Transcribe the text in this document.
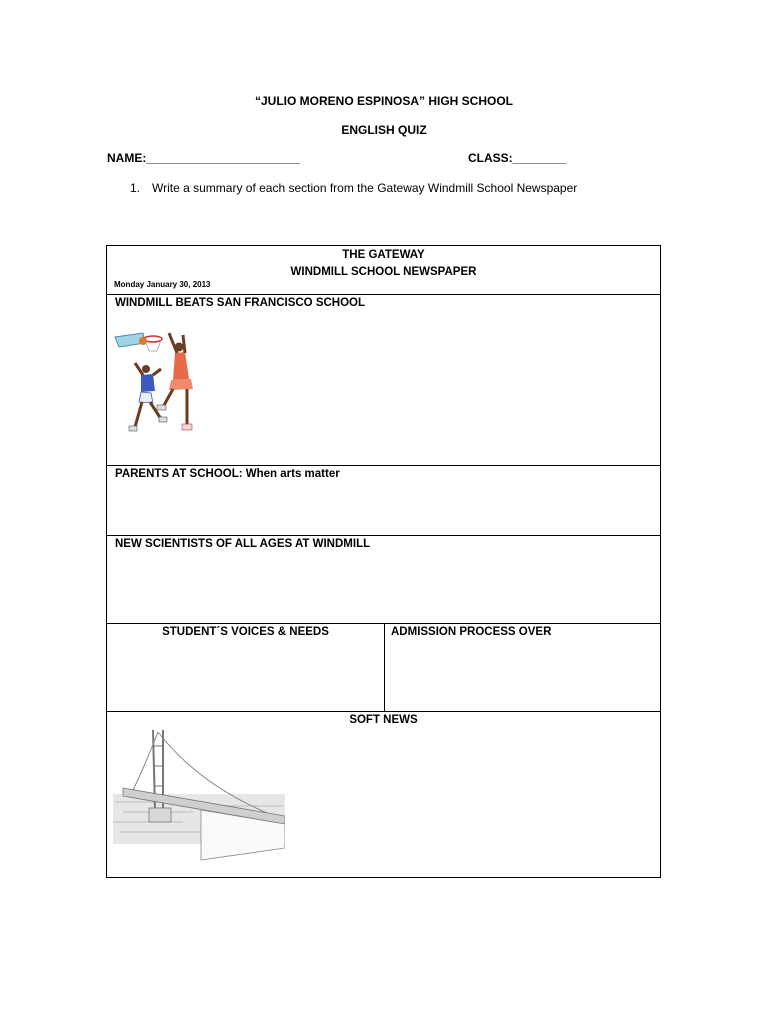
“JULIO MORENO ESPINOSA” HIGH SCHOOL
ENGLISH QUIZ
NAME:_______________________	CLASS:________
1. Write a summary of each section from the Gateway Windmill School Newspaper
THE GATEWAY
WINDMILL SCHOOL NEWSPAPER
Monday January 30, 2013
WINDMILL BEATS SAN FRANCISCO SCHOOL
PARENTS AT SCHOOL: When arts matter
NEW SCIENTISTS OF ALL AGES AT WINDMILL
STUDENT´S VOICES & NEEDS	ADMISSION PROCESS OVER
SOFT NEWS
